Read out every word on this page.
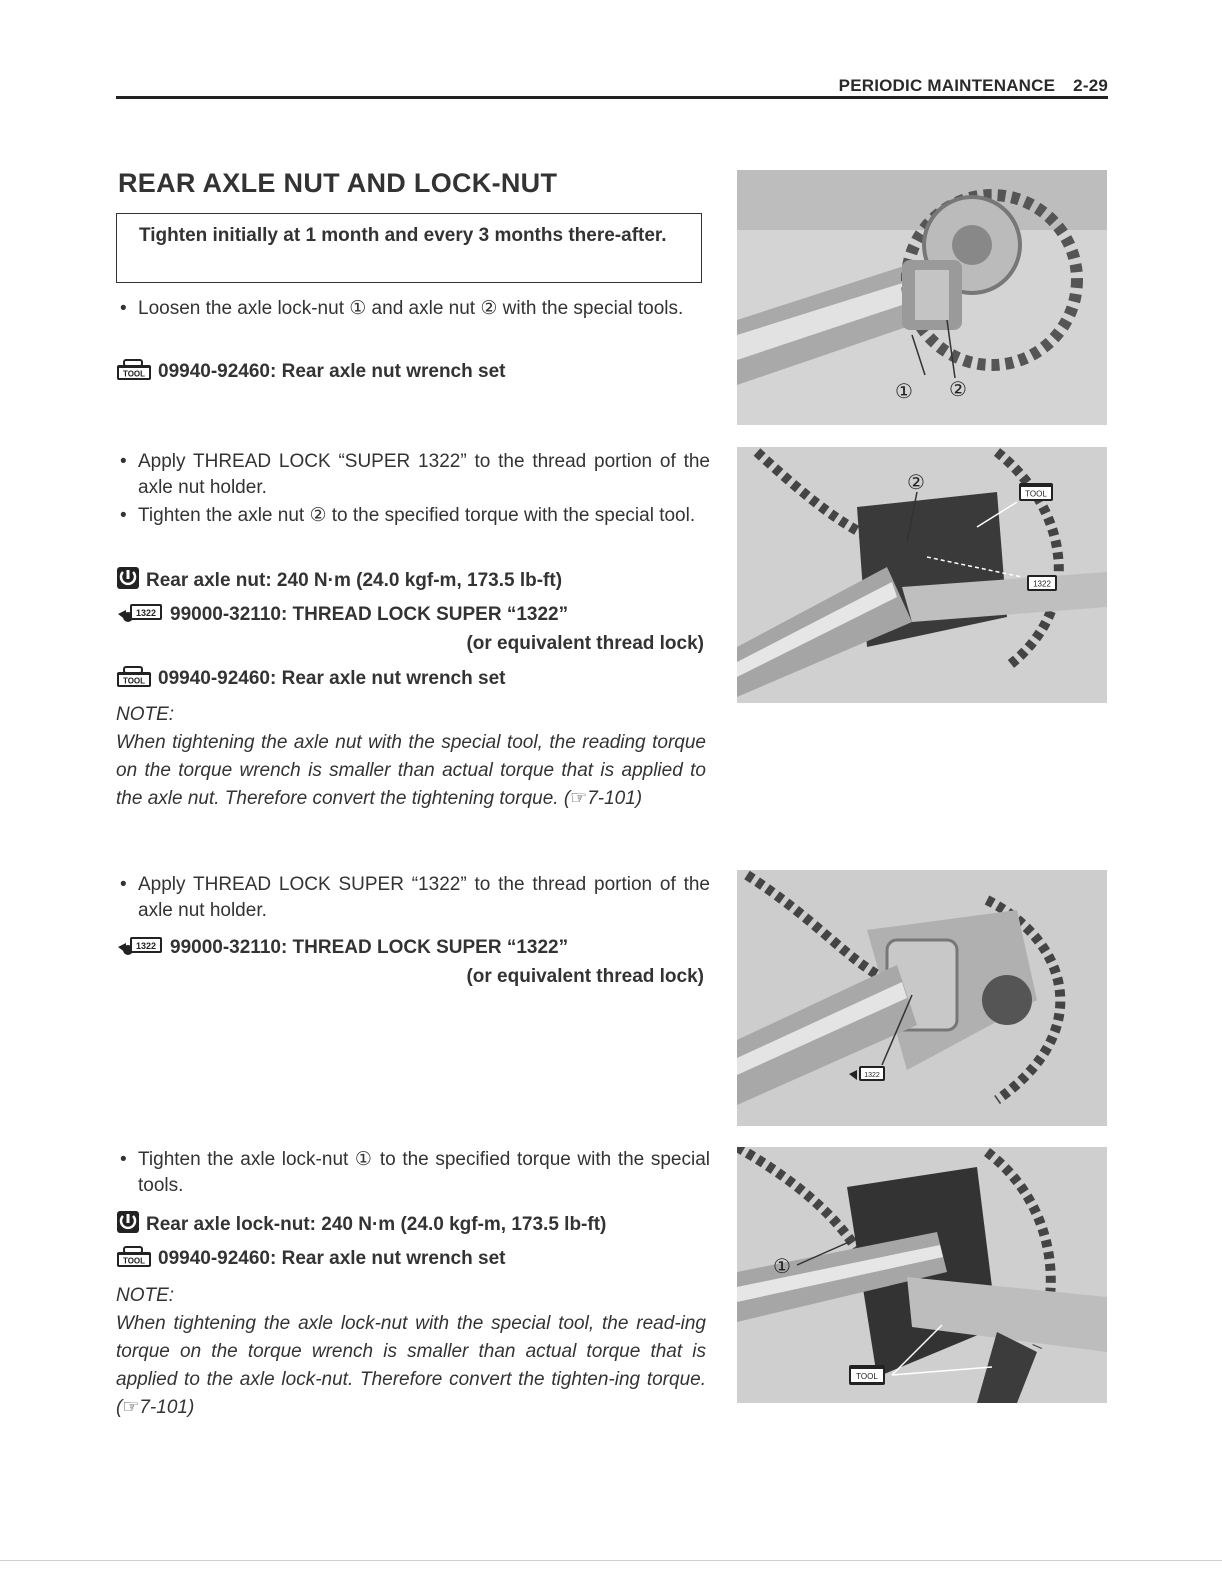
PERIODIC MAINTENANCE 2-29
REAR AXLE NUT AND LOCK-NUT
Tighten initially at 1 month and every 3 months there-after.
• Loosen the axle lock-nut ① and axle nut ② with the special tools.
TOOL 09940-92460: Rear axle nut wrench set
• Apply THREAD LOCK “SUPER 1322” to the thread portion of the axle nut holder.
• Tighten the axle nut ② to the specified torque with the special tool.
Rear axle nut: 240 N·m (24.0 kgf-m, 173.5 lb-ft)
1322 99000-32110: THREAD LOCK SUPER “1322”
(or equivalent thread lock)
TOOL 09940-92460: Rear axle nut wrench set
NOTE:
When tightening the axle nut with the special tool, the reading torque on the torque wrench is smaller than actual torque that is applied to the axle nut. Therefore convert the tightening torque. (☞7-101)
• Apply THREAD LOCK SUPER “1322” to the thread portion of the axle nut holder.
1322 99000-32110: THREAD LOCK SUPER “1322”
(or equivalent thread lock)
• Tighten the axle lock-nut ① to the specified torque with the special tools.
Rear axle lock-nut: 240 N·m (24.0 kgf-m, 173.5 lb-ft)
TOOL 09940-92460: Rear axle nut wrench set
NOTE:
When tightening the axle lock-nut with the special tool, the read-ing torque on the torque wrench is smaller than actual torque that is applied to the axle lock-nut. Therefore convert the tighten-ing torque. (☞7-101)
① ②
②	TOOL
1322
1322
①
TOOL
